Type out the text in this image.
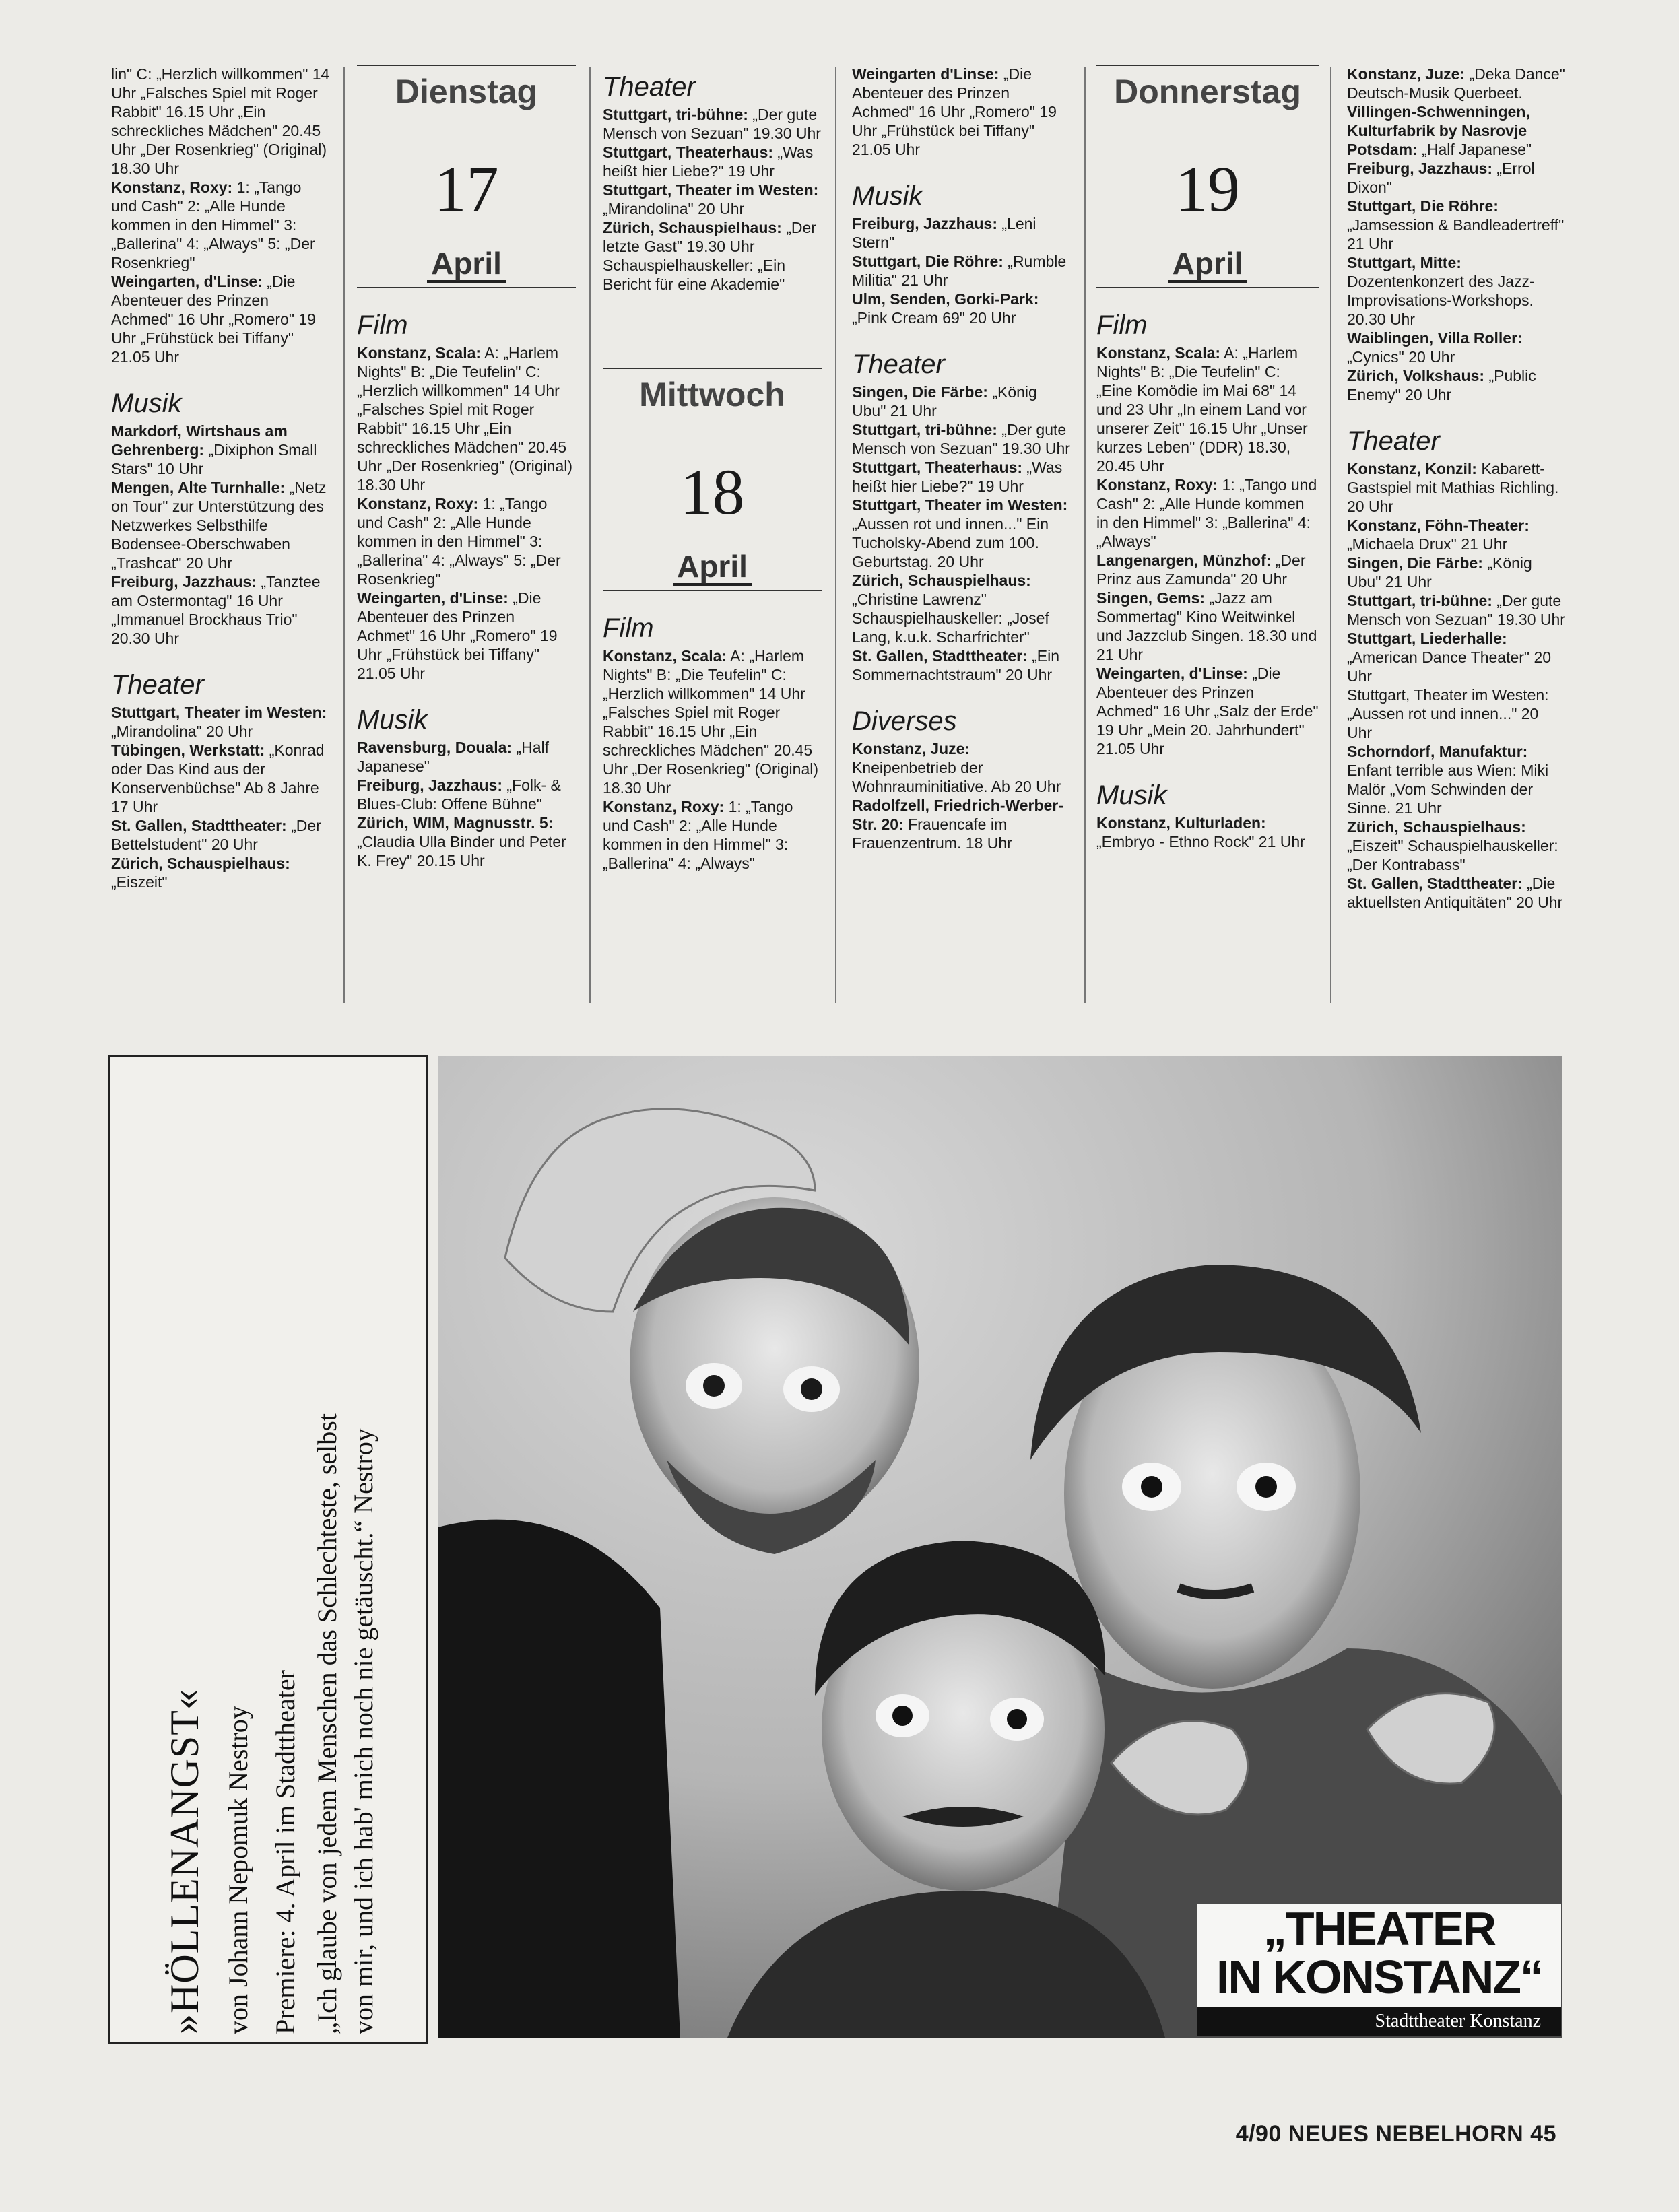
lin" C: „Herzlich willkommen" 14 Uhr „Falsches Spiel mit Roger Rabbit" 16.15 Uhr „Ein schreckliches Mädchen" 20.45 Uhr „Der Rosenkrieg" (Original) 18.30 Uhr

Konstanz, Roxy: 1: „Tango und Cash" 2: „Alle Hunde kommen in den Himmel" 3: „Ballerina" 4: „Always" 5: „Der Rosenkrieg"

Weingarten, d'Linse: „Die Abenteuer des Prinzen Achmed" 16 Uhr „Romero" 19 Uhr „Frühstück bei Tiffany" 21.05 Uhr

Musik

Markdorf, Wirtshaus am Gehrenberg: „Dixiphon Small Stars" 10 Uhr

Mengen, Alte Turnhalle: „Netz on Tour" zur Unterstützung des Netzwerkes Selbsthilfe Bodensee-Oberschwaben „Trashcat" 20 Uhr

Freiburg, Jazzhaus: „Tanztee am Ostermontag" 16 Uhr „Immanuel Brockhaus Trio" 20.30 Uhr

Theater

Stuttgart, Theater im Westen: „Mirandolina" 20 Uhr

Tübingen, Werkstatt: „Konrad oder Das Kind aus der Konservenbüchse" Ab 8 Jahre 17 Uhr

St. Gallen, Stadttheater: „Der Bettelstudent" 20 Uhr

Zürich, Schauspielhaus: „Eiszeit"

Dienstag
17
April
Film

Konstanz, Scala: A: „Harlem Nights" B: „Die Teufelin" C: „Herzlich willkommen" 14 Uhr „Falsches Spiel mit Roger Rabbit" 16.15 Uhr „Ein schreckliches Mädchen" 20.45 Uhr „Der Rosenkrieg" (Original) 18.30 Uhr

Konstanz, Roxy: 1: „Tango und Cash" 2: „Alle Hunde kommen in den Himmel" 3: „Ballerina" 4: „Always" 5: „Der Rosenkrieg"

Weingarten, d'Linse: „Die Abenteuer des Prinzen Achmet" 16 Uhr „Romero" 19 Uhr „Frühstück bei Tiffany" 21.05 Uhr

Musik

Ravensburg, Douala: „Half Japanese"

Freiburg, Jazzhaus: „Folk- & Blues-Club: Offene Bühne"

Zürich, WIM, Magnusstr. 5: „Claudia Ulla Binder und Peter K. Frey" 20.15 Uhr

Theater

Stuttgart, tri-bühne: „Der gute Mensch von Sezuan" 19.30 Uhr

Stuttgart, Theaterhaus: „Was heißt hier Liebe?" 19 Uhr

Stuttgart, Theater im Westen: „Mirandolina" 20 Uhr

Zürich, Schauspielhaus: „Der letzte Gast" 19.30 Uhr Schauspielhauskeller: „Ein Bericht für eine Akademie"

Mittwoch
18
April
Film

Konstanz, Scala: A: „Harlem Nights" B: „Die Teufelin" C: „Herzlich willkommen" 14 Uhr „Falsches Spiel mit Roger Rabbit" 16.15 Uhr „Ein schreckliches Mädchen" 20.45 Uhr „Der Rosenkrieg" (Original) 18.30 Uhr

Konstanz, Roxy: 1: „Tango und Cash" 2: „Alle Hunde kommen in den Himmel" 3: „Ballerina" 4: „Always"

Weingarten d'Linse: „Die Abenteuer des Prinzen Achmed" 16 Uhr „Romero" 19 Uhr „Frühstück bei Tiffany" 21.05 Uhr

Musik

Freiburg, Jazzhaus: „Leni Stern"

Stuttgart, Die Röhre: „Rumble Militia" 21 Uhr

Ulm, Senden, Gorki-Park: „Pink Cream 69" 20 Uhr

Theater

Singen, Die Färbe: „König Ubu" 21 Uhr

Stuttgart, tri-bühne: „Der gute Mensch von Sezuan" 19.30 Uhr

Stuttgart, Theaterhaus: „Was heißt hier Liebe?" 19 Uhr

Stuttgart, Theater im Westen: „Aussen rot und innen..." Ein Tucholsky-Abend zum 100. Geburtstag. 20 Uhr

Zürich, Schauspielhaus: „Christine Lawrenz" Schauspielhauskeller: „Josef Lang, k.u.k. Scharfrichter"

St. Gallen, Stadttheater: „Ein Sommernachtstraum" 20 Uhr

Diverses

Konstanz, Juze: Kneipenbetrieb der Wohnrauminitiative. Ab 20 Uhr

Radolfzell, Friedrich-Werber-Str. 20: Frauencafe im Frauenzentrum. 18 Uhr

Donnerstag
19
April
Film

Konstanz, Scala: A: „Harlem Nights" B: „Die Teufelin" C: „Eine Komödie im Mai 68" 14 und 23 Uhr „In einem Land vor unserer Zeit" 16.15 Uhr „Unser kurzes Leben" (DDR) 18.30, 20.45 Uhr

Konstanz, Roxy: 1: „Tango und Cash" 2: „Alle Hunde kommen in den Himmel" 3: „Ballerina" 4: „Always"

Langenargen, Münzhof: „Der Prinz aus Zamunda" 20 Uhr

Singen, Gems: „Jazz am Sommertag" Kino Weitwinkel und Jazzclub Singen. 18.30 und 21 Uhr

Weingarten, d'Linse: „Die Abenteuer des Prinzen Achmed" 16 Uhr „Salz der Erde" 19 Uhr „Mein 20. Jahrhundert" 21.05 Uhr

Musik

Konstanz, Kulturladen: „Embryo - Ethno Rock" 21 Uhr

Konstanz, Juze: „Deka Dance" Deutsch-Musik Querbeet.

Villingen-Schwenningen, Kulturfabrik by Nasrovje

Potsdam: „Half Japanese"

Freiburg, Jazzhaus: „Errol Dixon"

Stuttgart, Die Röhre: „Jamsession & Bandleadertreff" 21 Uhr

Stuttgart, Mitte: Dozentenkonzert des Jazz-Improvisations-Workshops. 20.30 Uhr

Waiblingen, Villa Roller: „Cynics" 20 Uhr

Zürich, Volkshaus: „Public Enemy" 20 Uhr

Theater

Konstanz, Konzil: Kabarett-Gastspiel mit Mathias Richling. 20 Uhr

Konstanz, Föhn-Theater: „Michaela Drux" 21 Uhr

Singen, Die Färbe: „König Ubu" 21 Uhr

Stuttgart, tri-bühne: „Der gute Mensch von Sezuan" 19.30 Uhr

Stuttgart, Liederhalle: „American Dance Theater" 20 Uhr

Stuttgart, Theater im Westen: „Aussen rot und innen..." 20 Uhr

Schorndorf, Manufaktur: Enfant terrible aus Wien: Miki Malör „Vom Schwinden der Sinne. 21 Uhr

Zürich, Schauspielhaus: „Eiszeit" Schauspielhauskeller: „Der Kontrabass"

St. Gallen, Stadttheater: „Die aktuellsten Antiquitäten" 20 Uhr

»HÖLLENANGST« von Johann Nepomuk Nestroy Premiere: 4. April im Stadttheater „Ich glaube von jedem Menschen das Schlechteste, selbst von mir, und ich hab' mich noch nie getäuscht.“ Nestroy	„THEATER
IN KONSTANZ“
Stadttheater Konstanz
4/90 NEUES NEBELHORN 45
